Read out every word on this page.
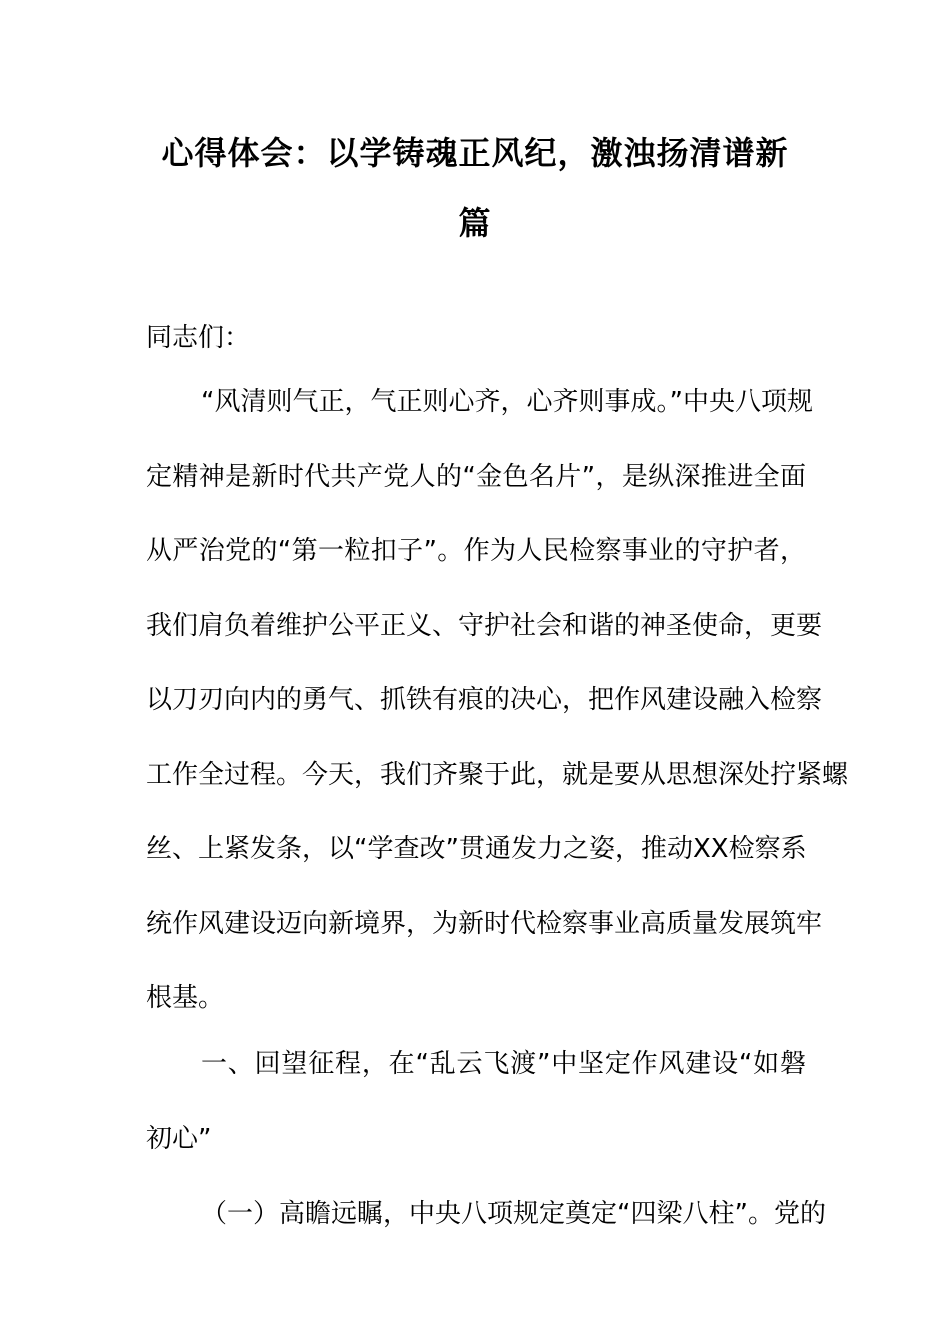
心得体会：以学铸魂正风纪，激浊扬清谱新
篇
同志们：
“风清则气正，气正则心齐，心齐则事成。”中央八项规
定精神是新时代共产党人的“金色名片”，是纵深推进全面
从严治党的“第一粒扣子”。作为人民检察事业的守护者，
我们肩负着维护公平正义、守护社会和谐的神圣使命，更要
以刀刃向内的勇气、抓铁有痕的决心，把作风建设融入检察
工作全过程。今天，我们齐聚于此，就是要从思想深处拧紧螺
丝、上紧发条，以“学查改”贯通发力之姿，推动XX检察系
统作风建设迈向新境界，为新时代检察事业高质量发展筑牢
根基。
一、回望征程，在“乱云飞渡”中坚定作风建设“如磐
初心”
（一）高瞻远瞩，中央八项规定奠定“四梁八柱”。党的
